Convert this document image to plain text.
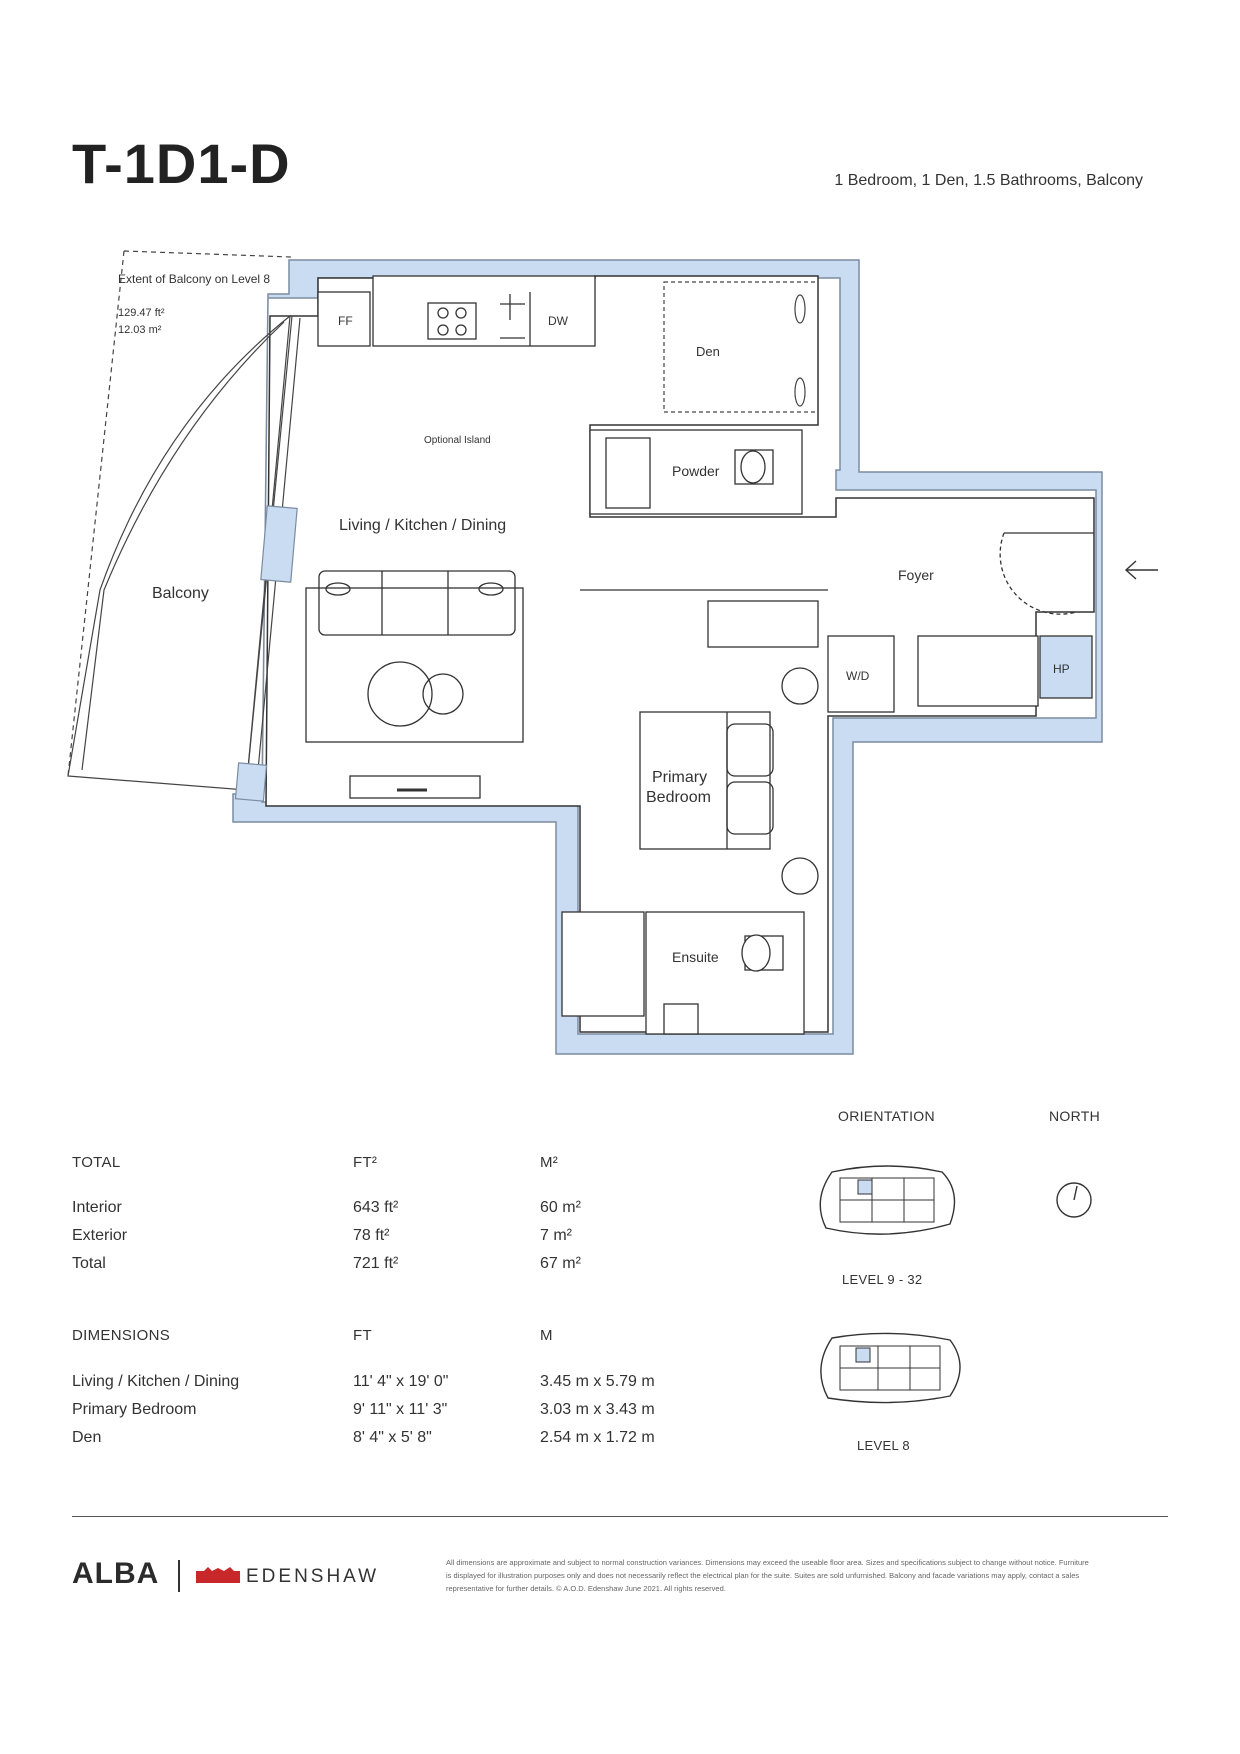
T-1D1-D	1 Bedroom, 1 Den, 1.5 Bathrooms, Balcony
Extent of Balcony on Level 8
129.47 ft²
12.03 m²
Balcony
Living / Kitchen / Dining
Den
Powder
Foyer
Primary
Bedroom
Ensuite
Optional Island
FF	DW
W/D	HP
TOTAL	FT²	M²
Interior	643 ft²	60 m²
Exterior	78 ft²	7 m²
Total	721 ft²	67 m²
DIMENSIONS	FT	M
Living / Kitchen / Dining	11' 4" x 19' 0"	3.45 m x 5.79 m
Primary Bedroom	9' 11" x 11' 3"	3.03 m x 3.43 m
Den	8' 4" x 5' 8"	2.54 m x 1.72 m
ORIENTATION	NORTH
LEVEL 9 - 32
LEVEL 8
ALBA	EDENSHAW
All dimensions are approximate and subject to normal construction variances. Dimensions may exceed the useable floor area. Sizes and specifications subject to change without notice. Furniture is displayed for illustration purposes only and does not necessarily reflect the electrical plan for the suite. Suites are sold unfurnished. Balcony and facade variations may apply, contact a sales representative for further details. © A.O.D. Edenshaw June 2021. All rights reserved.
